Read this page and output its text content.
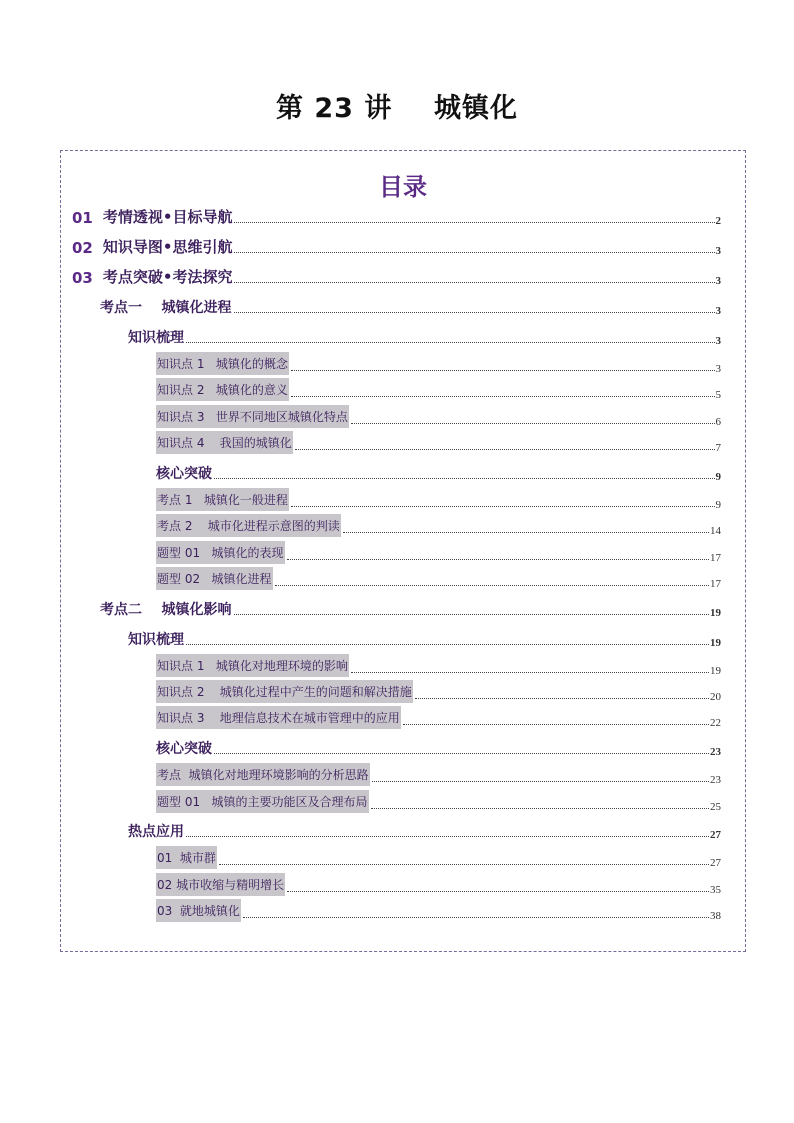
第 23 讲    城镇化
目录
01 考情透视•目标导航	2
02 知识导图•思维引航	3
03 考点突破•考法探究	3
考点一    城镇化进程	3
知识梳理	3
知识点 1   城镇化的概念	3
知识点 2   城镇化的意义	5
知识点 3   世界不同地区城镇化特点	6
知识点 4    我国的城镇化	7
核心突破	9
考点 1   城镇化一般进程	9
考点 2    城市化进程示意图的判读	14
题型 01   城镇化的表现	17
题型 02   城镇化进程	17
考点二    城镇化影响	19
知识梳理	19
知识点 1   城镇化对地理环境的影响	19
知识点 2    城镇化过程中产生的问题和解决措施	20
知识点 3    地理信息技术在城市管理中的应用	22
核心突破	23
考点  城镇化对地理环境影响的分析思路	23
题型 01   城镇的主要功能区及合理布局	25
热点应用	27
01  城市群	27
02 城市收缩与精明增长	35
03  就地城镇化	38
